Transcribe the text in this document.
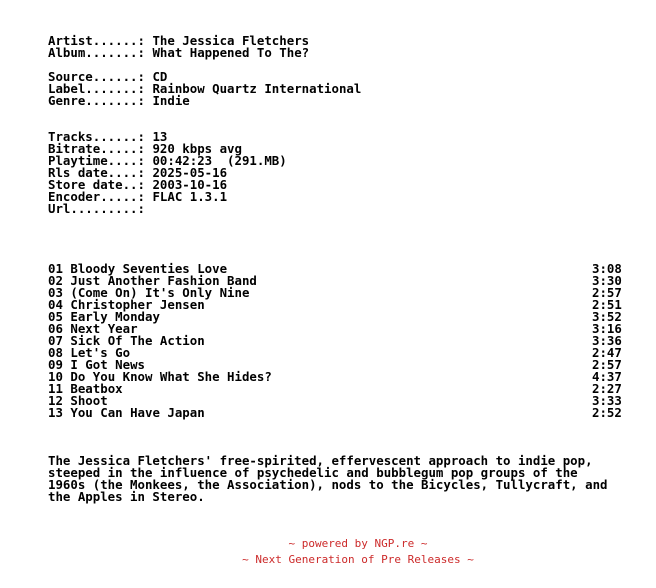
Artist......: The Jessica Fletchers
Album.......: What Happened To The?
Source......: CD
Label.......: Rainbow Quartz International
Genre.......: Indie
Tracks......: 13
Bitrate.....: 920 kbps avg
Playtime....: 00:42:23  (291.MB)
Rls date....: 2025-05-16
Store date..: 2003-10-16
Encoder.....: FLAC 1.3.1
Url.........:
01 Bloody Seventies Love	3:08
02 Just Another Fashion Band	3:30
03 (Come On) It's Only Nine	2:57
04 Christopher Jensen	2:51
05 Early Monday	3:52
06 Next Year	3:16
07 Sick Of The Action	3:36
08 Let's Go	2:47
09 I Got News	2:57
10 Do You Know What She Hides?	4:37
11 Beatbox	2:27
12 Shoot	3:33
13 You Can Have Japan	2:52
The Jessica Fletchers' free-spirited, effervescent approach to indie pop,
steeped in the influence of psychedelic and bubblegum pop groups of the
1960s (the Monkees, the Association), nods to the Bicycles, Tullycraft, and
the Apples in Stereo.
~ powered by NGP.re ~
~ Next Generation of Pre Releases ~
